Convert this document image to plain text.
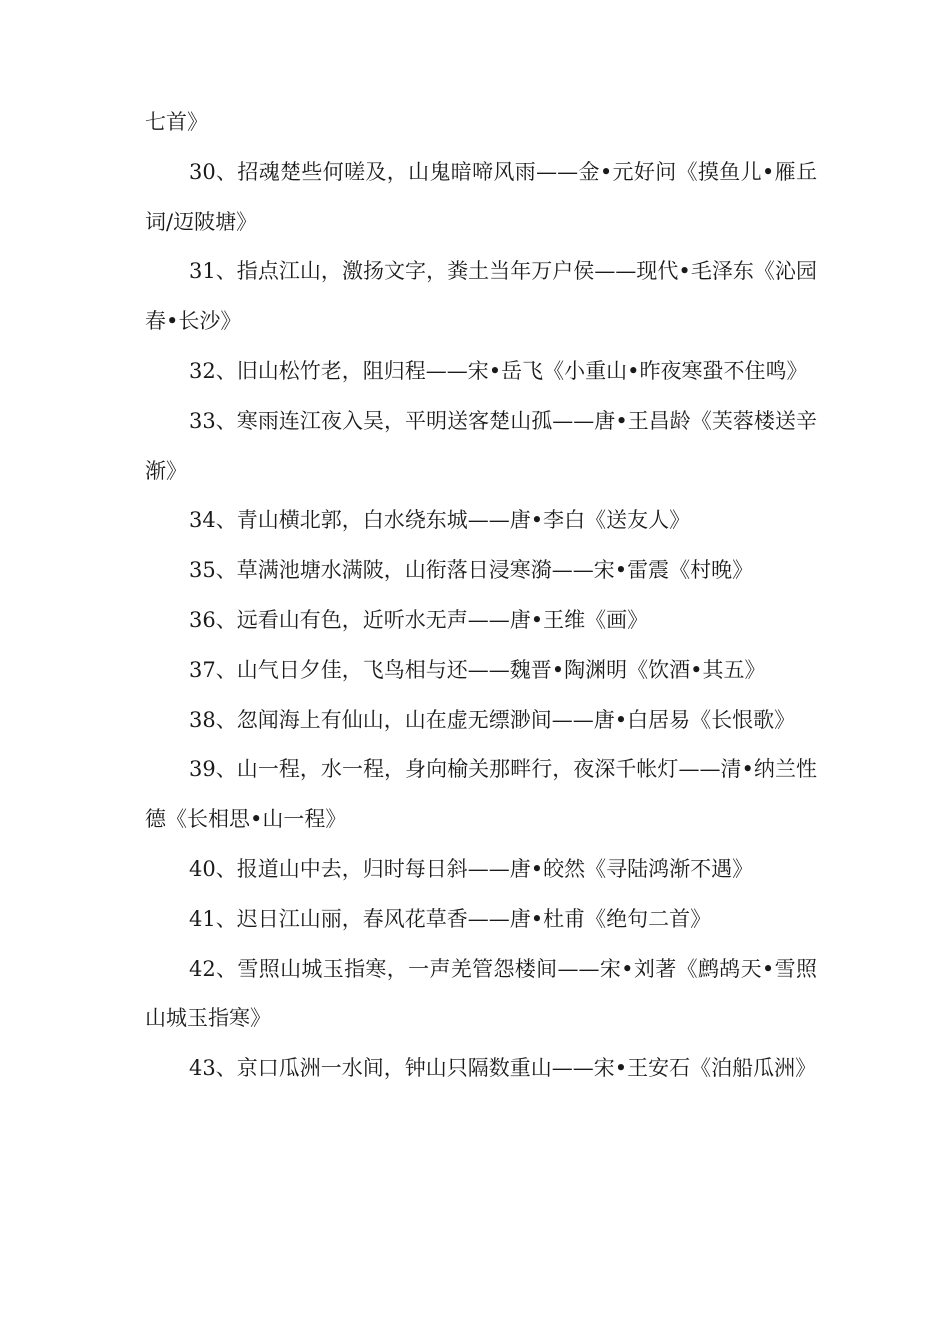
七首》

30、招魂楚些何嗟及，山鬼暗啼风雨——金•元好问《摸鱼儿•雁丘词/迈陂塘》

31、指点江山，激扬文字，粪土当年万户侯——现代•毛泽东《沁园春•长沙》

32、旧山松竹老，阻归程——宋•岳飞《小重山•昨夜寒蛩不住鸣》

33、寒雨连江夜入吴，平明送客楚山孤——唐•王昌龄《芙蓉楼送辛渐》

34、青山横北郭，白水绕东城——唐•李白《送友人》

35、草满池塘水满陂，山衔落日浸寒漪——宋•雷震《村晚》

36、远看山有色，近听水无声——唐•王维《画》

37、山气日夕佳，飞鸟相与还——魏晋•陶渊明《饮酒•其五》

38、忽闻海上有仙山，山在虚无缥渺间——唐•白居易《长恨歌》

39、山一程，水一程，身向榆关那畔行，夜深千帐灯——清•纳兰性德《长相思•山一程》

40、报道山中去，归时每日斜——唐•皎然《寻陆鸿渐不遇》

41、迟日江山丽，春风花草香——唐•杜甫《绝句二首》

42、雪照山城玉指寒，一声羌管怨楼间——宋•刘著《鹧鸪天•雪照山城玉指寒》

43、京口瓜洲一水间，钟山只隔数重山——宋•王安石《泊船瓜洲》
